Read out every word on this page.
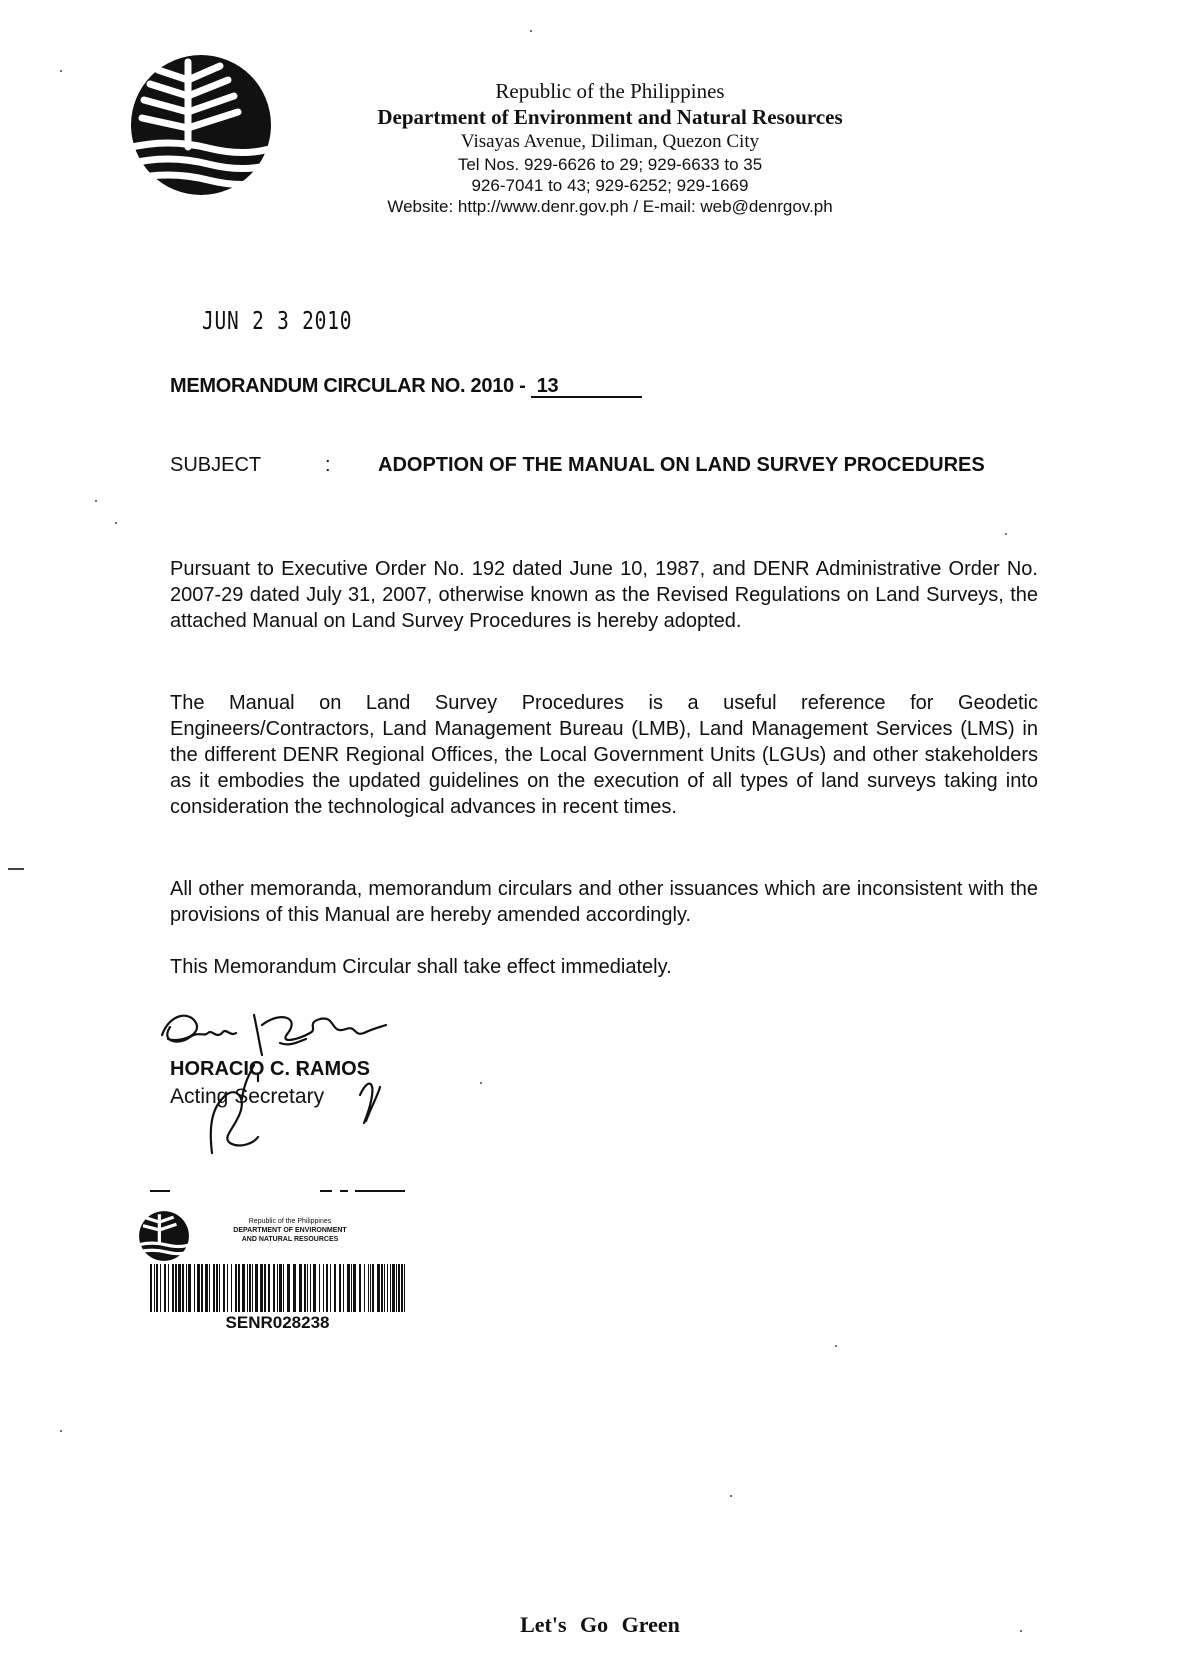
Republic of the Philippines
Department of Environment and Natural Resources
Visayas Avenue, Diliman, Quezon City
Tel Nos. 929-6626 to 29; 929-6633 to 35
926-7041 to 43; 929-6252; 929-1669
Website: http://www.denr.gov.ph / E-mail: web@denrgov.ph
JUN 2 3 2010
MEMORANDUM CIRCULAR NO. 2010 - 13
SUBJECT	: ADOPTION OF THE MANUAL ON LAND SURVEY PROCEDURES
Pursuant to Executive Order No. 192 dated June 10, 1987, and DENR Administrative Order No. 2007-29 dated July 31, 2007, otherwise known as the Revised Regulations on Land Surveys, the attached Manual on Land Survey Procedures is hereby adopted.
The Manual on Land Survey Procedures is a useful reference for Geodetic Engineers/Contractors, Land Management Bureau (LMB), Land Management Services (LMS) in the different DENR Regional Offices, the Local Government Units (LGUs) and other stakeholders as it embodies the updated guidelines on the execution of all types of land surveys taking into consideration the technological advances in recent times.
All other memoranda, memorandum circulars and other issuances which are inconsistent with the provisions of this Manual are hereby amended accordingly.
This Memorandum Circular shall take effect immediately.
HORACIO C. RAMOS
Acting Secretary
Republic of the Philippines
DEPARTMENT OF ENVIRONMENT
AND NATURAL RESOURCES
SENR028238
Let's Go Green
